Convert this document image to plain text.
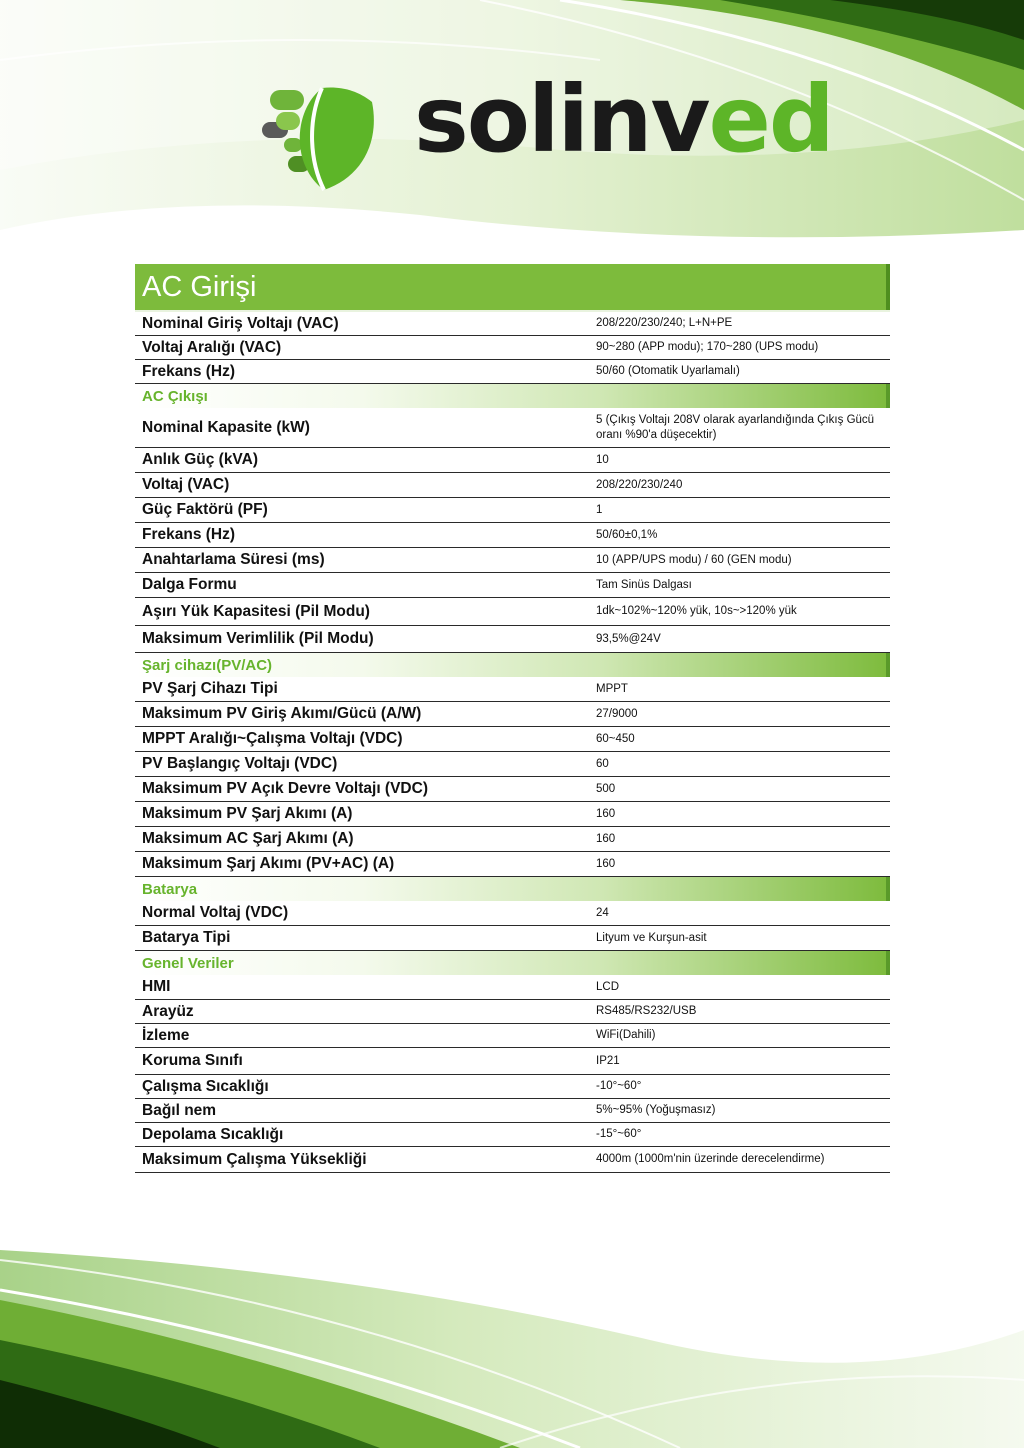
solinved
AC Girişi
Nominal Giriş Voltajı (VAC)	208/220/230/240; L+N+PE
Voltaj Aralığı (VAC)	90~280 (APP modu); 170~280 (UPS modu)
Frekans (Hz)	50/60 (Otomatik Uyarlamalı)
AC Çıkışı
Nominal Kapasite (kW)	5 (Çıkış Voltajı 208V olarak ayarlandığında Çıkış Gücü oranı %90'a düşecektir)
Anlık Güç (kVA)	10
Voltaj (VAC)	208/220/230/240
Güç Faktörü (PF)	1
Frekans (Hz)	50/60±0,1%
Anahtarlama Süresi (ms)	10 (APP/UPS modu) / 60 (GEN modu)
Dalga Formu	Tam Sinüs Dalgası
Aşırı Yük Kapasitesi (Pil Modu)	1dk~102%~120% yük, 10s~>120% yük
Maksimum Verimlilik (Pil Modu)	93,5%@24V
Şarj cihazı(PV/AC)
PV Şarj Cihazı Tipi	MPPT
Maksimum PV Giriş Akımı/Gücü (A/W)	27/9000
MPPT Aralığı~Çalışma Voltajı (VDC)	60~450
PV Başlangıç Voltajı (VDC)	60
Maksimum PV Açık Devre Voltajı (VDC)	500
Maksimum PV Şarj Akımı (A)	160
Maksimum AC Şarj Akımı (A)	160
Maksimum Şarj Akımı (PV+AC) (A)	160
Batarya
Normal Voltaj (VDC)	24
Batarya Tipi	Lityum ve Kurşun-asit
Genel Veriler
HMI	LCD
Arayüz	RS485/RS232/USB
İzleme	WiFi(Dahili)
Koruma Sınıfı	IP21
Çalışma Sıcaklığı	-10°~60°
Bağıl nem	5%~95% (Yoğuşmasız)
Depolama Sıcaklığı	-15°~60°
Maksimum Çalışma Yüksekliği	4000m (1000m'nin üzerinde derecelendirme)
